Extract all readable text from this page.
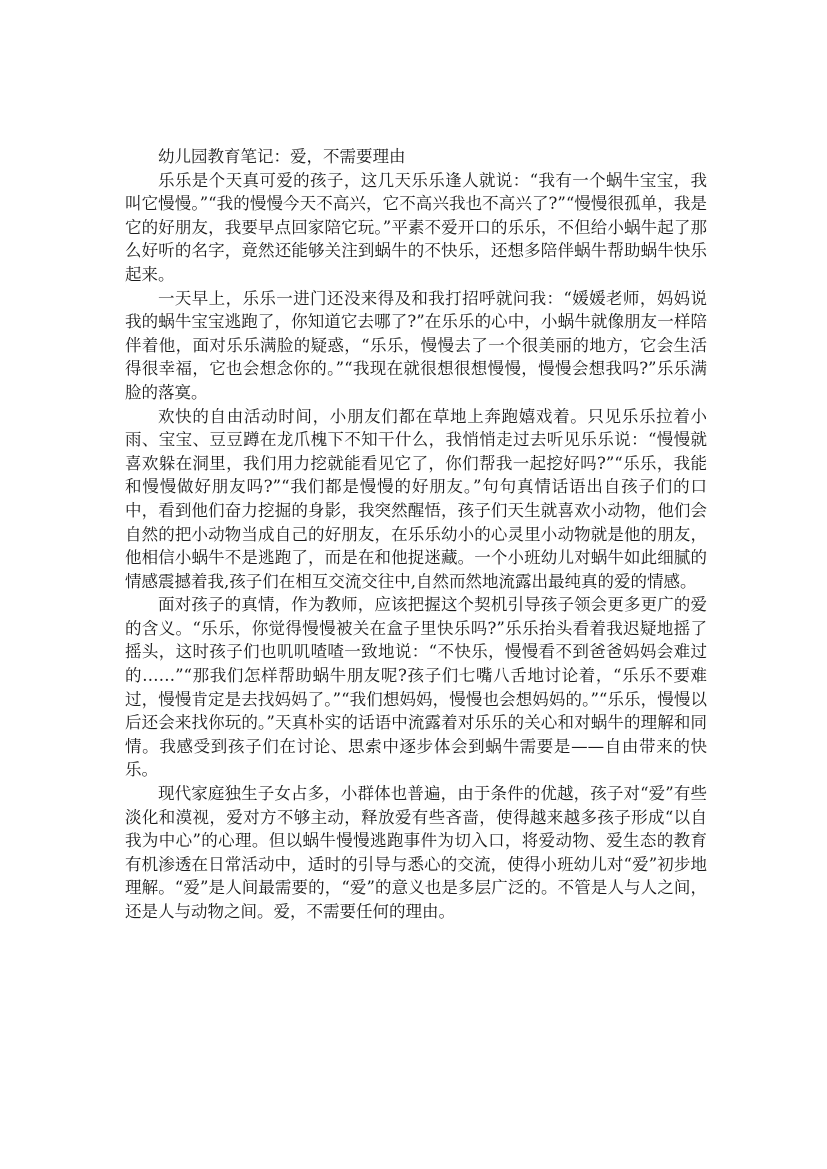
幼儿园教育笔记：爱，不需要理由

乐乐是个天真可爱的孩子，这几天乐乐逢人就说：“我有一个蜗牛宝宝，我叫它慢慢。”“我的慢慢今天不高兴，它不高兴我也不高兴了?”“慢慢很孤单，我是它的好朋友，我要早点回家陪它玩。”平素不爱开口的乐乐，不但给小蜗牛起了那么好听的名字，竟然还能够关注到蜗牛的不快乐，还想多陪伴蜗牛帮助蜗牛快乐起来。

一天早上，乐乐一进门还没来得及和我打招呼就问我：“媛媛老师，妈妈说我的蜗牛宝宝逃跑了，你知道它去哪了?”在乐乐的心中，小蜗牛就像朋友一样陪伴着他，面对乐乐满脸的疑惑，“乐乐，慢慢去了一个很美丽的地方，它会生活得很幸福，它也会想念你的。”“我现在就很想很想慢慢，慢慢会想我吗?”乐乐满脸的落寞。

欢快的自由活动时间，小朋友们都在草地上奔跑嬉戏着。只见乐乐拉着小雨、宝宝、豆豆蹲在龙爪槐下不知干什么，我悄悄走过去听见乐乐说：“慢慢就喜欢躲在洞里，我们用力挖就能看见它了，你们帮我一起挖好吗?”“乐乐，我能和慢慢做好朋友吗?”“我们都是慢慢的好朋友。”句句真情话语出自孩子们的口中，看到他们奋力挖掘的身影，我突然醒悟，孩子们天生就喜欢小动物，他们会自然的把小动物当成自己的好朋友，在乐乐幼小的心灵里小动物就是他的朋友，他相信小蜗牛不是逃跑了，而是在和他捉迷藏。一个小班幼儿对蜗牛如此细腻的情感震撼着我,孩子们在相互交流交往中,自然而然地流露出最纯真的爱的情感。

面对孩子的真情，作为教师，应该把握这个契机引导孩子领会更多更广的爱的含义。“乐乐，你觉得慢慢被关在盒子里快乐吗?”乐乐抬头看着我迟疑地摇了摇头，这时孩子们也叽叽喳喳一致地说：“不快乐，慢慢看不到爸爸妈妈会难过的……”“那我们怎样帮助蜗牛朋友呢?孩子们七嘴八舌地讨论着，“乐乐不要难过，慢慢肯定是去找妈妈了。”“我们想妈妈，慢慢也会想妈妈的。”“乐乐，慢慢以后还会来找你玩的。”天真朴实的话语中流露着对乐乐的关心和对蜗牛的理解和同情。我感受到孩子们在讨论、思索中逐步体会到蜗牛需要是——自由带来的快乐。

现代家庭独生子女占多，小群体也普遍，由于条件的优越，孩子对“爱”有些淡化和漠视，爱对方不够主动，释放爱有些吝啬，使得越来越多孩子形成“以自我为中心”的心理。但以蜗牛慢慢逃跑事件为切入口，将爱动物、爱生态的教育有机渗透在日常活动中，适时的引导与悉心的交流，使得小班幼儿对“爱”初步地理解。“爱”是人间最需要的，“爱”的意义也是多层广泛的。不管是人与人之间，还是人与动物之间。爱，不需要任何的理由。
